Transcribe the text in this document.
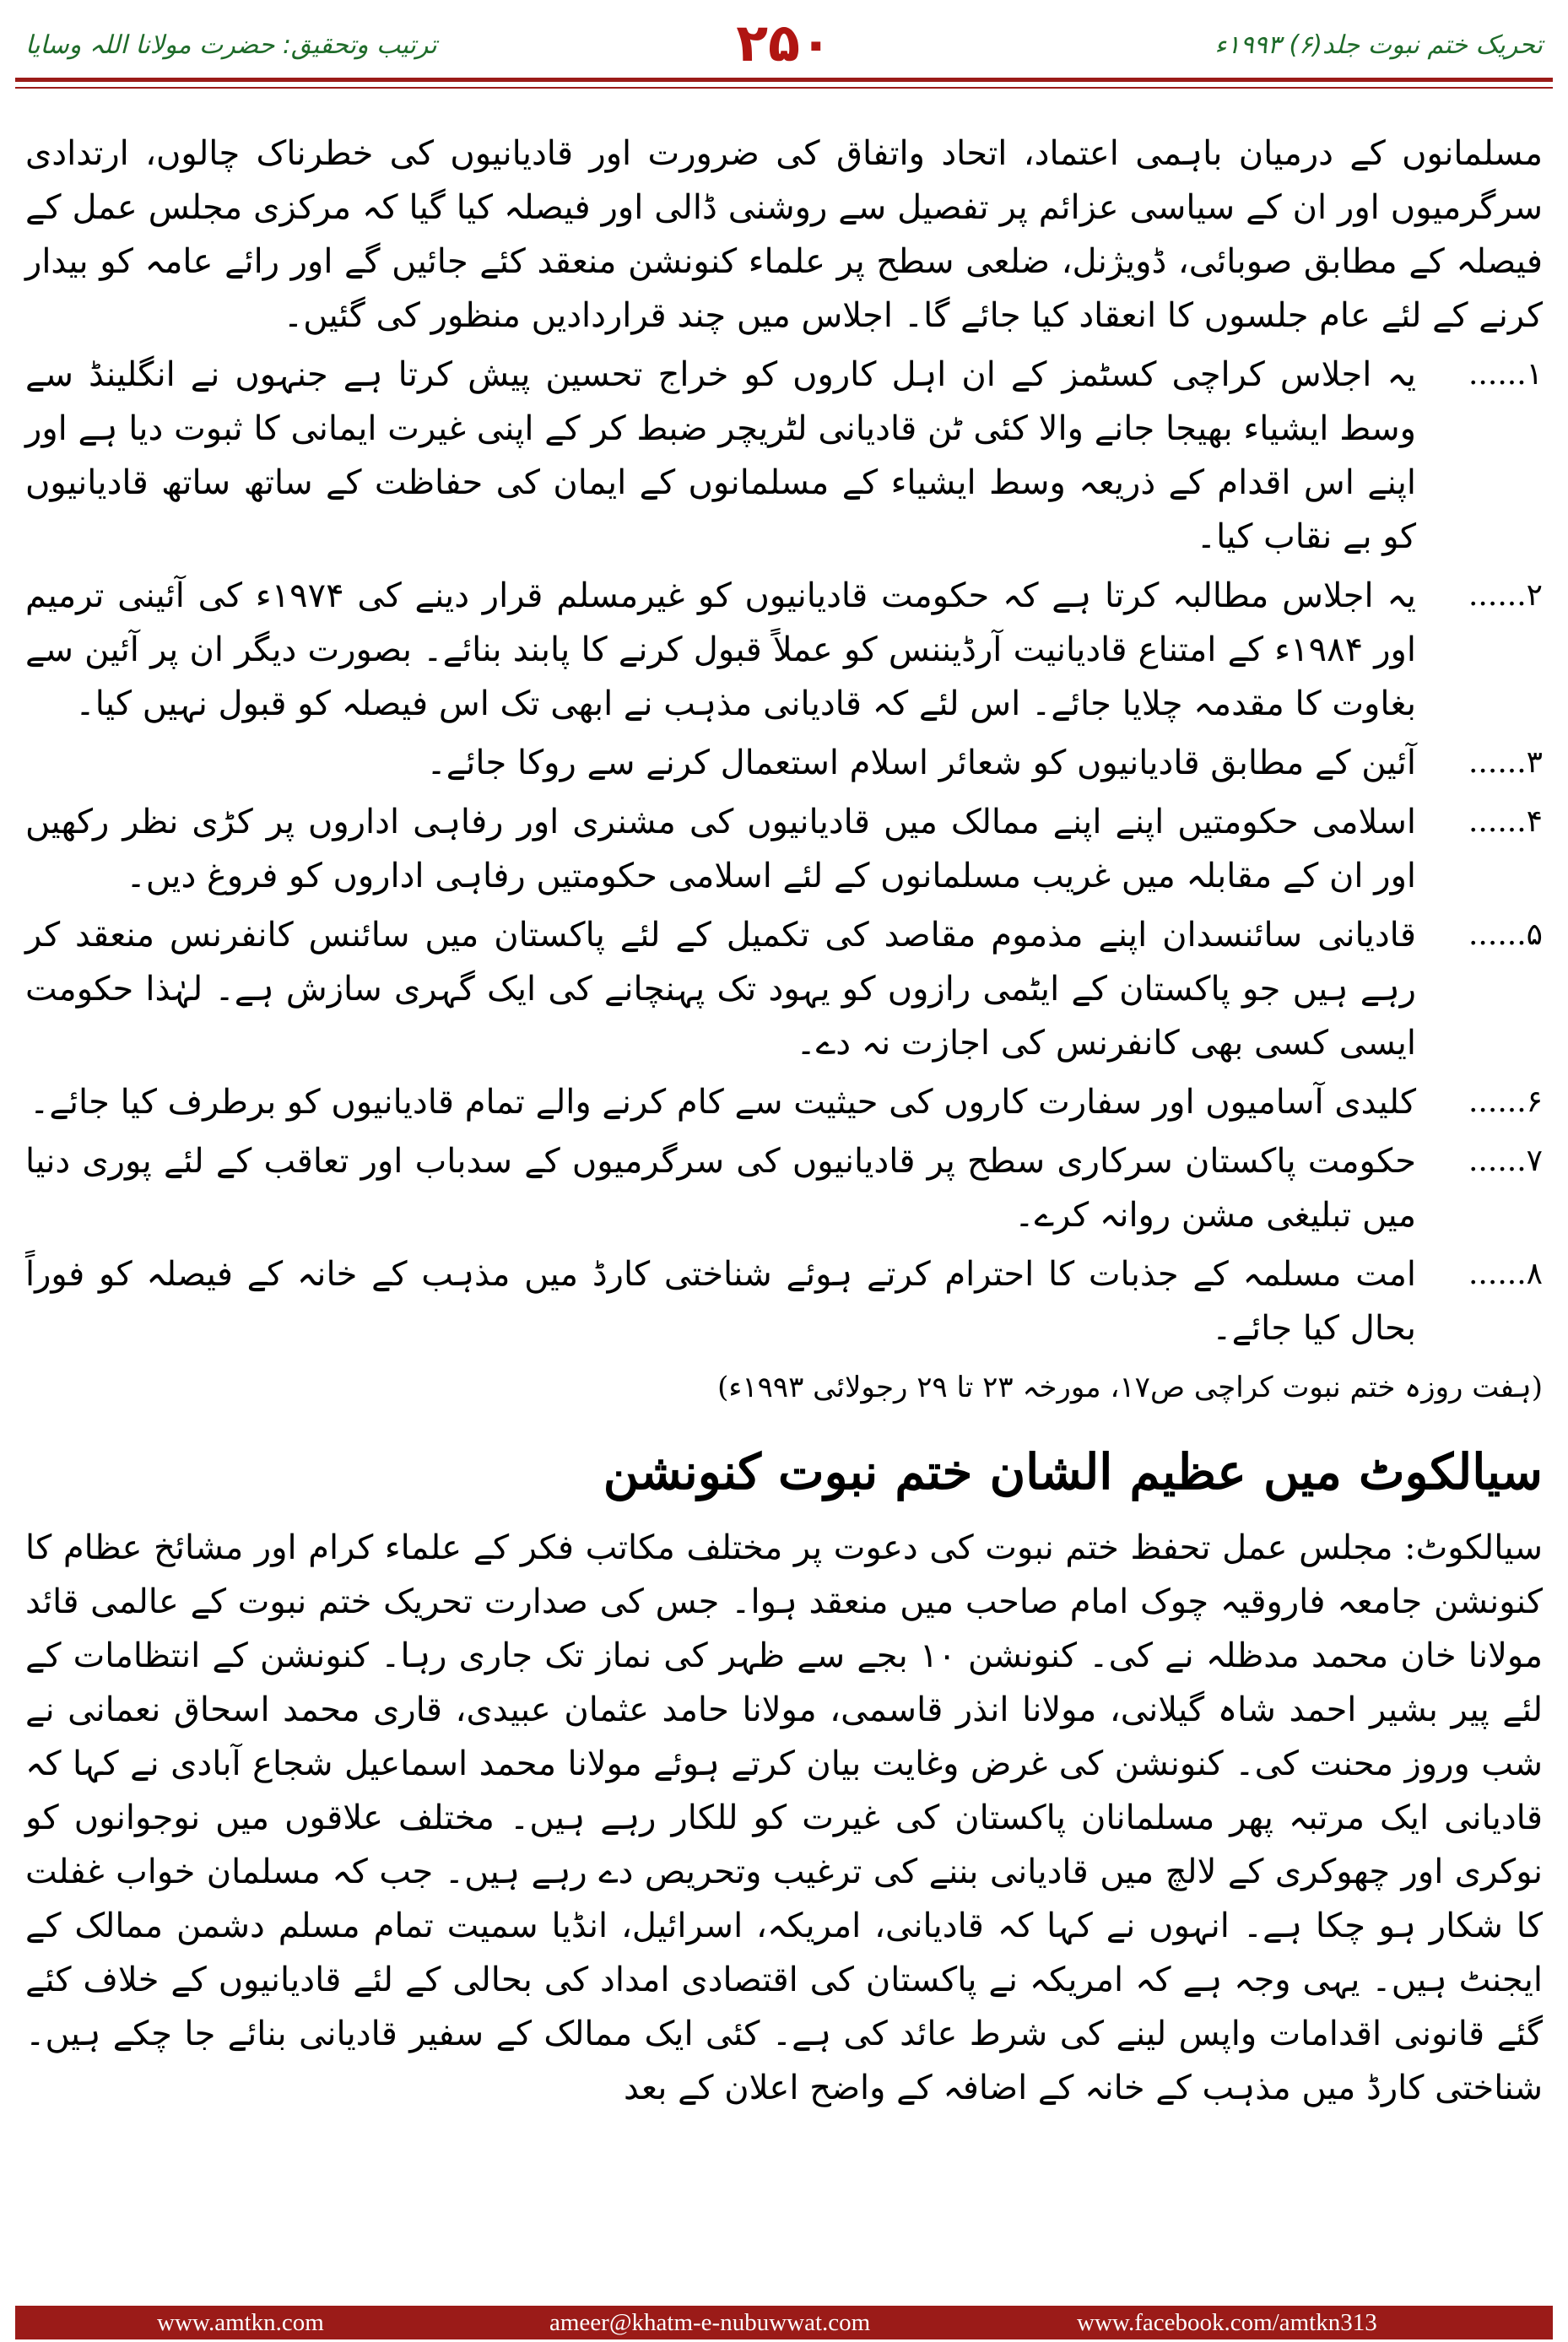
ترتیب وتحقیق: حضرت مولانا اللہ وسایا	۲۵۰	تحریک ختم نبوت جلد(۶) ۱۹۹۳ء

مسلمانوں کے درمیان باہمی اعتماد، اتحاد واتفاق کی ضرورت اور قادیانیوں کی خطرناک چالوں، ارتدادی سرگرمیوں اور ان کے سیاسی عزائم پر تفصیل سے روشنی ڈالی اور فیصلہ کیا گیا کہ مرکزی مجلس عمل کے فیصلہ کے مطابق صوبائی، ڈویژنل، ضلعی سطح پر علماء کنونشن منعقد کئے جائیں گے اور رائے عامہ کو بیدار کرنے کے لئے عام جلسوں کا انعقاد کیا جائے گا۔ اجلاس میں چند قراردادیں منظور کی گئیں۔

۱......
یہ اجلاس کراچی کسٹمز کے ان اہل کاروں کو خراج تحسین پیش کرتا ہے جنہوں نے انگلینڈ سے وسط ایشیاء بھیجا جانے والا کئی ٹن قادیانی لٹریچر ضبط کر کے اپنی غیرت ایمانی کا ثبوت دیا ہے اور اپنے اس اقدام کے ذریعہ وسط ایشیاء کے مسلمانوں کے ایمان کی حفاظت کے ساتھ ساتھ قادیانیوں کو بے نقاب کیا۔
۲......
یہ اجلاس مطالبہ کرتا ہے کہ حکومت قادیانیوں کو غیرمسلم قرار دینے کی ۱۹۷۴ء کی آئینی ترمیم اور ۱۹۸۴ء کے امتناع قادیانیت آرڈیننس کو عملاً قبول کرنے کا پابند بنائے۔ بصورت دیگر ان پر آئین سے بغاوت کا مقدمہ چلایا جائے۔ اس لئے کہ قادیانی مذہب نے ابھی تک اس فیصلہ کو قبول نہیں کیا۔
۳......
آئین کے مطابق قادیانیوں کو شعائر اسلام استعمال کرنے سے روکا جائے۔
۴......
اسلامی حکومتیں اپنے اپنے ممالک میں قادیانیوں کی مشنری اور رفاہی اداروں پر کڑی نظر رکھیں اور ان کے مقابلہ میں غریب مسلمانوں کے لئے اسلامی حکومتیں رفاہی اداروں کو فروغ دیں۔
۵......
قادیانی سائنسدان اپنے مذموم مقاصد کی تکمیل کے لئے پاکستان میں سائنس کانفرنس منعقد کر رہے ہیں جو پاکستان کے ایٹمی رازوں کو یہود تک پہنچانے کی ایک گہری سازش ہے۔ لہٰذا حکومت ایسی کسی بھی کانفرنس کی اجازت نہ دے۔
۶......
کلیدی آسامیوں اور سفارت کاروں کی حیثیت سے کام کرنے والے تمام قادیانیوں کو برطرف کیا جائے۔
۷......
حکومت پاکستان سرکاری سطح پر قادیانیوں کی سرگرمیوں کے سدباب اور تعاقب کے لئے پوری دنیا میں تبلیغی مشن روانہ کرے۔
۸......
امت مسلمہ کے جذبات کا احترام کرتے ہوئے شناختی کارڈ میں مذہب کے خانہ کے فیصلہ کو فوراً بحال کیا جائے۔
(ہفت روزہ ختم نبوت کراچی ص۱۷، مورخہ ۲۳ تا ۲۹ رجولائی ۱۹۹۳ء)
سیالکوٹ میں عظیم الشان ختم نبوت کنونشن

سیالکوٹ: مجلس عمل تحفظ ختم نبوت کی دعوت پر مختلف مکاتب فکر کے علماء کرام اور مشائخ عظام کا کنونشن جامعہ فاروقیہ چوک امام صاحب میں منعقد ہوا۔ جس کی صدارت تحریک ختم نبوت کے عالمی قائد مولانا خان محمد مدظلہ نے کی۔ کنونشن ۱۰ بجے سے ظہر کی نماز تک جاری رہا۔ کنونشن کے انتظامات کے لئے پیر بشیر احمد شاہ گیلانی، مولانا انذر قاسمی، مولانا حامد عثمان عبیدی، قاری محمد اسحاق نعمانی نے شب وروز محنت کی۔ کنونشن کی غرض وغایت بیان کرتے ہوئے مولانا محمد اسماعیل شجاع آبادی نے کہا کہ قادیانی ایک مرتبہ پھر مسلمانان پاکستان کی غیرت کو للکار رہے ہیں۔ مختلف علاقوں میں نوجوانوں کو نوکری اور چھوکری کے لالچ میں قادیانی بننے کی ترغیب وتحریص دے رہے ہیں۔ جب کہ مسلمان خواب غفلت کا شکار ہو چکا ہے۔ انہوں نے کہا کہ قادیانی، امریکہ، اسرائیل، انڈیا سمیت تمام مسلم دشمن ممالک کے ایجنٹ ہیں۔ یہی وجہ ہے کہ امریکہ نے پاکستان کی اقتصادی امداد کی بحالی کے لئے قادیانیوں کے خلاف کئے گئے قانونی اقدامات واپس لینے کی شرط عائد کی ہے۔ کئی ایک ممالک کے سفیر قادیانی بنائے جا چکے ہیں۔ شناختی کارڈ میں مذہب کے خانہ کے اضافہ کے واضح اعلان کے بعد

www.amtkn.com	ameer@khatm-e-nubuwwat.com	www.facebook.com/amtkn313
